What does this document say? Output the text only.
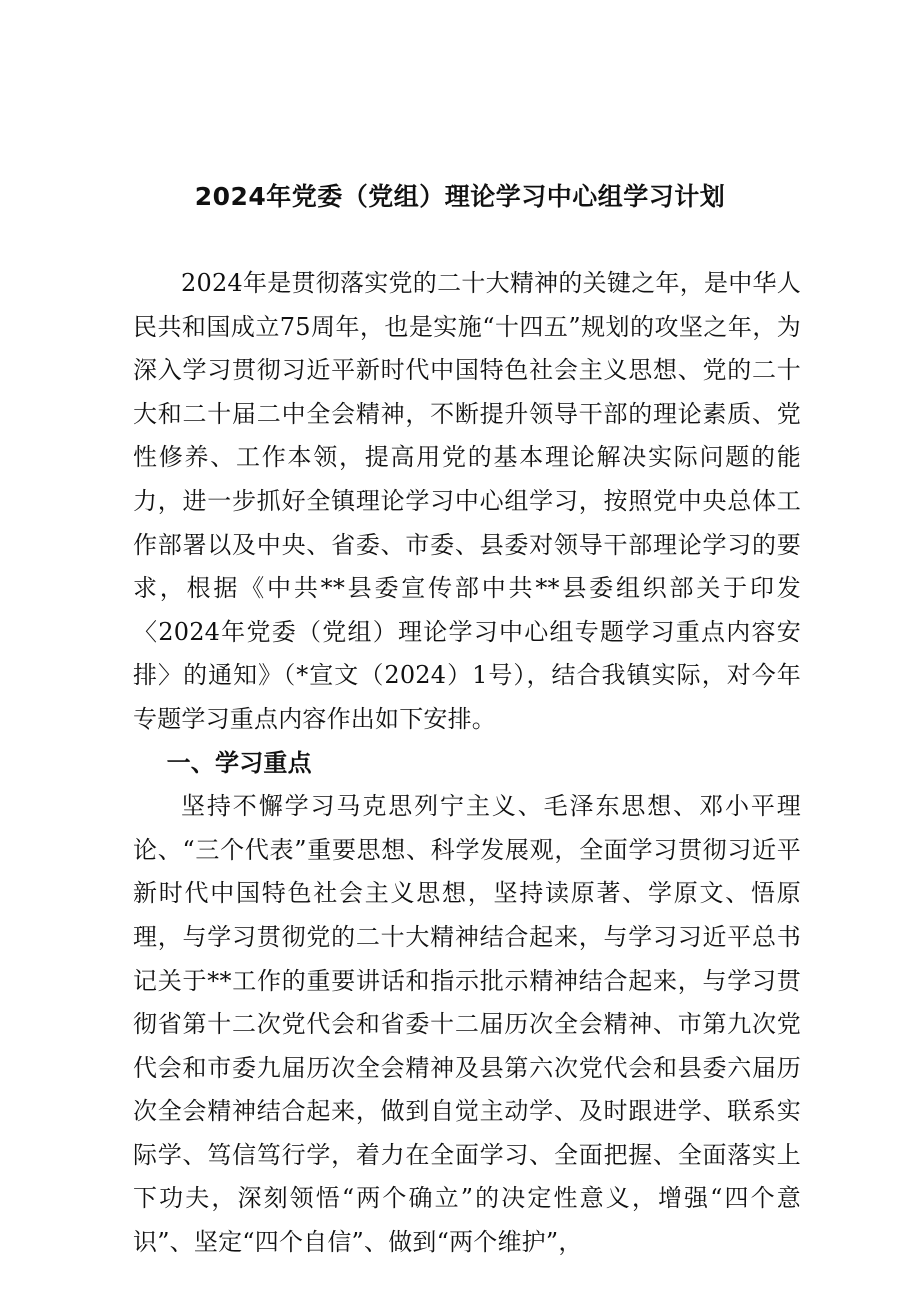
2024年党委（党组）理论学习中心组学习计划

2024年是贯彻落实党的二十大精神的关键之年，是中华人民共和国成立75周年，也是实施“十四五”规划的攻坚之年，为深入学习贯彻习近平新时代中国特色社会主义思想、党的二十大和二十届二中全会精神，不断提升领导干部的理论素质、党性修养、工作本领，提高用党的基本理论解决实际问题的能力，进一步抓好全镇理论学习中心组学习，按照党中央总体工作部署以及中央、省委、市委、县委对领导干部理论学习的要求，根据《中共**县委宣传部中共**县委组织部关于印发〈2024年党委（党组）理论学习中心组专题学习重点内容安排〉的通知》（*宣文（2024）1号），结合我镇实际，对今年专题学习重点内容作出如下安排。

一、学习重点

坚持不懈学习马克思列宁主义、毛泽东思想、邓小平理论、“三个代表”重要思想、科学发展观，全面学习贯彻习近平新时代中国特色社会主义思想，坚持读原著、学原文、悟原理，与学习贯彻党的二十大精神结合起来，与学习习近平总书记关于**工作的重要讲话和指示批示精神结合起来，与学习贯彻省第十二次党代会和省委十二届历次全会精神、市第九次党代会和市委九届历次全会精神及县第六次党代会和县委六届历次全会精神结合起来，做到自觉主动学、及时跟进学、联系实际学、笃信笃行学，着力在全面学习、全面把握、全面落实上下功夫，深刻领悟“两个确立”的决定性意义，增强“四个意识”、坚定“四个自信”、做到“两个维护”，
